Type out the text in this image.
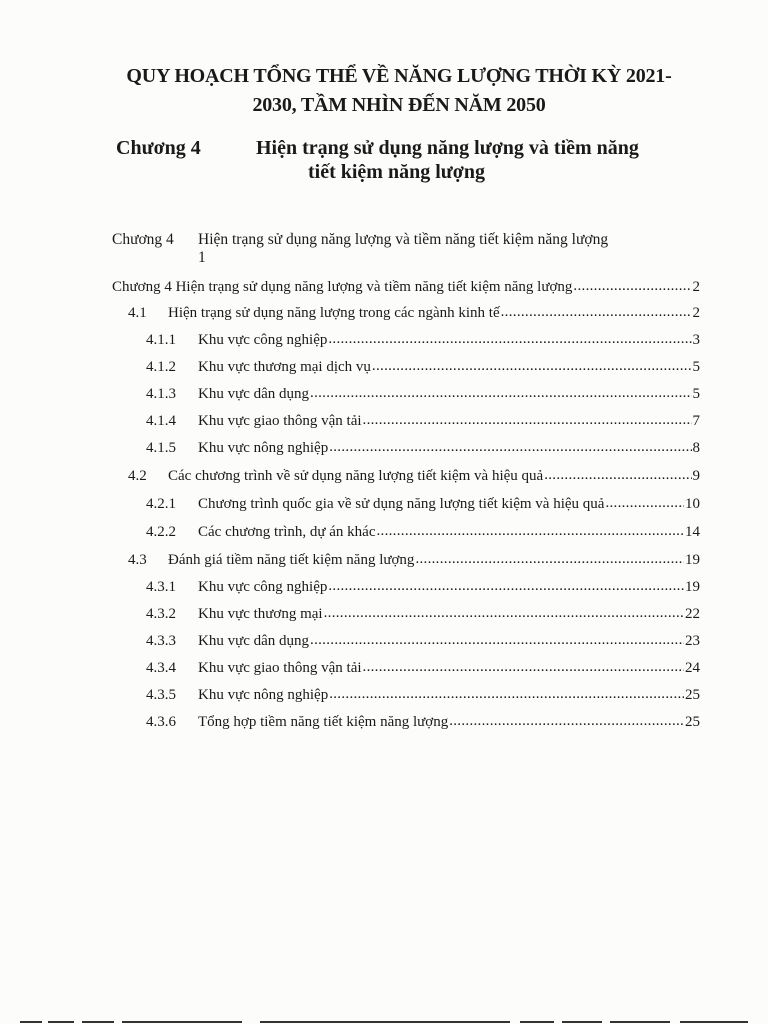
QUY HOẠCH TỔNG THỂ VỀ NĂNG LƯỢNG THỜI KỲ 2021-
2030, TẦM NHÌN ĐẾN NĂM 2050
Chương 4	Hiện trạng sử dụng năng lượng và tiềm năng
tiết kiệm năng lượng
Chương 4 Hiện trạng sử dụng năng lượng và tiềm năng tiết kiệm năng lượng
1
Chương 4 Hiện trạng sử dụng năng lượng và tiềm năng tiết kiệm năng lượng .....	2
4.1	Hiện trạng sử dụng năng lượng trong các ngành kinh tế .....	2
4.1.1	Khu vực công nghiệp .....	3
4.1.2	Khu vực thương mại dịch vụ .....	5
4.1.3	Khu vực dân dụng .....	5
4.1.4	Khu vực giao thông vận tải .....	7
4.1.5	Khu vực nông nghiệp .....	8
4.2	Các chương trình về sử dụng năng lượng tiết kiệm và hiệu quả .....	9
4.2.1	Chương trình quốc gia về sử dụng năng lượng tiết kiệm và hiệu quả .....	10
4.2.2	Các chương trình, dự án khác .....	14
4.3	Đánh giá tiềm năng tiết kiệm năng lượng .....	19
4.3.1	Khu vực công nghiệp .....	19
4.3.2	Khu vực thương mại .....	22
4.3.3	Khu vực dân dụng .....	23
4.3.4	Khu vực giao thông vận tải .....	24
4.3.5	Khu vực nông nghiệp .....	25
4.3.6	Tổng hợp tiềm năng tiết kiệm năng lượng .....	25
